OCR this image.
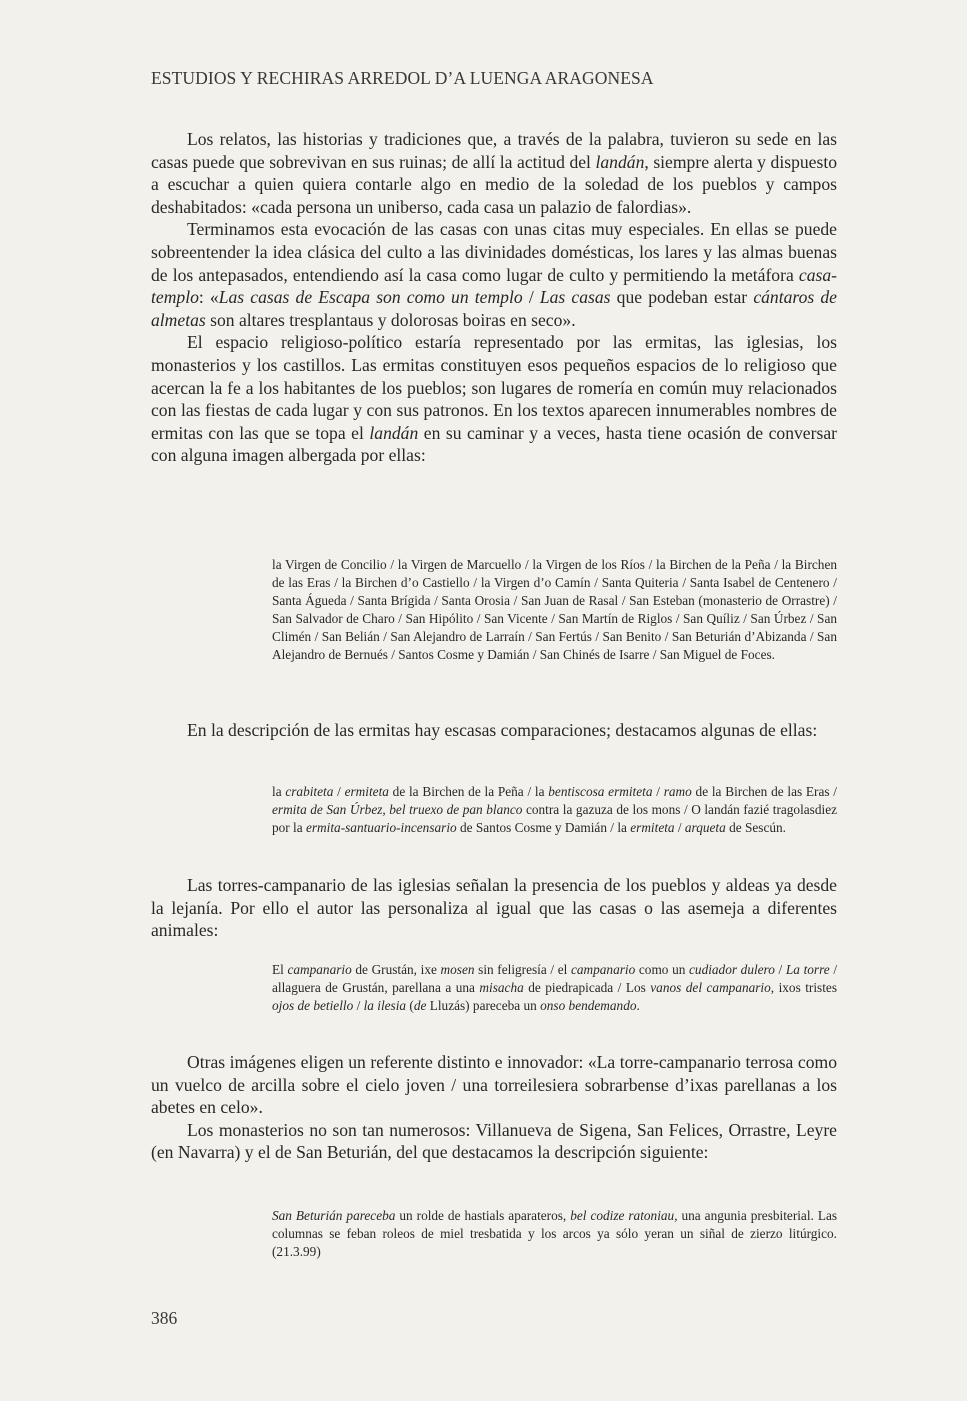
ESTUDIOS Y RECHIRAS ARREDOL D’A LUENGA ARAGONESA

Los relatos, las historias y tradiciones que, a través de la palabra, tuvieron su sede en las casas puede que sobrevivan en sus ruinas; de allí la actitud del landán, siempre alerta y dispuesto a escuchar a quien quiera contarle algo en medio de la soledad de los pueblos y campos deshabitados: «cada persona un uniberso, cada casa un palazio de falordias».

Terminamos esta evocación de las casas con unas citas muy especiales. En ellas se puede sobreentender la idea clásica del culto a las divinidades domésticas, los lares y las almas buenas de los antepasados, entendiendo así la casa como lugar de culto y permitiendo la metáfora casa-templo: «Las casas de Escapa son como un templo / Las casas que podeban estar cántaros de almetas son altares tresplantaus y dolorosas boiras en seco».

El espacio religioso-político estaría representado por las ermitas, las iglesias, los monasterios y los castillos. Las ermitas constituyen esos pequeños espacios de lo religioso que acercan la fe a los habitantes de los pueblos; son lugares de romería en común muy relacionados con las fiestas de cada lugar y con sus patronos. En los textos aparecen innumerables nombres de ermitas con las que se topa el landán en su caminar y a veces, hasta tiene ocasión de conversar con alguna imagen albergada por ellas:

la Virgen de Concilio / la Virgen de Marcuello / la Virgen de los Ríos / la Birchen de la Peña / la Birchen de las Eras / la Birchen d’o Castiello / la Virgen d’o Camín / Santa Quiteria / Santa Isabel de Centenero / Santa Águeda / Santa Brígida / Santa Orosia / San Juan de Rasal / San Esteban (monasterio de Orrastre) / San Salvador de Charo / San Hipólito / San Vicente / San Martín de Riglos / San Quíliz / San Úrbez / San Climén / San Belián / San Alejandro de Larraín / San Fertús / San Benito / San Beturián d’Abizanda / San Alejandro de Bernués / Santos Cosme y Damián / San Chinés de Isarre / San Miguel de Foces.

En la descripción de las ermitas hay escasas comparaciones; destacamos algunas de ellas:

la crabiteta / ermiteta de la Birchen de la Peña / la bentiscosa ermiteta / ramo de la Birchen de las Eras / ermita de San Úrbez, bel truexo de pan blanco contra la gazuza de los mons / O landán fazié tragolasdiez por la ermita-santuario-incensario de Santos Cosme y Damián / la ermiteta / arqueta de Sescún.

Las torres-campanario de las iglesias señalan la presencia de los pueblos y aldeas ya desde la lejanía. Por ello el autor las personaliza al igual que las casas o las asemeja a diferentes animales:

El campanario de Grustán, ixe mosen sin feligresía / el campanario como un cudiador dulero / La torre / allaguera de Grustán, parellana a una misacha de piedrapicada / Los vanos del campanario, ixos tristes ojos de betiello / la ilesia (de Lluzás) pareceba un onso bendemando.

Otras imágenes eligen un referente distinto e innovador: «La torre-campanario terrosa como un vuelco de arcilla sobre el cielo joven / una torreilesiera sobrarbense d’ixas parellanas a los abetes en celo».

Los monasterios no son tan numerosos: Villanueva de Sigena, San Felices, Orrastre, Leyre (en Navarra) y el de San Beturián, del que destacamos la descripción siguiente:

San Beturián pareceba un rolde de hastials aparateros, bel codize ratoniau, una angunia presbiterial. Las columnas se feban roleos de miel tresbatida y los arcos ya sólo yeran un siñal de zierzo litúrgico. (21.3.99)

386
